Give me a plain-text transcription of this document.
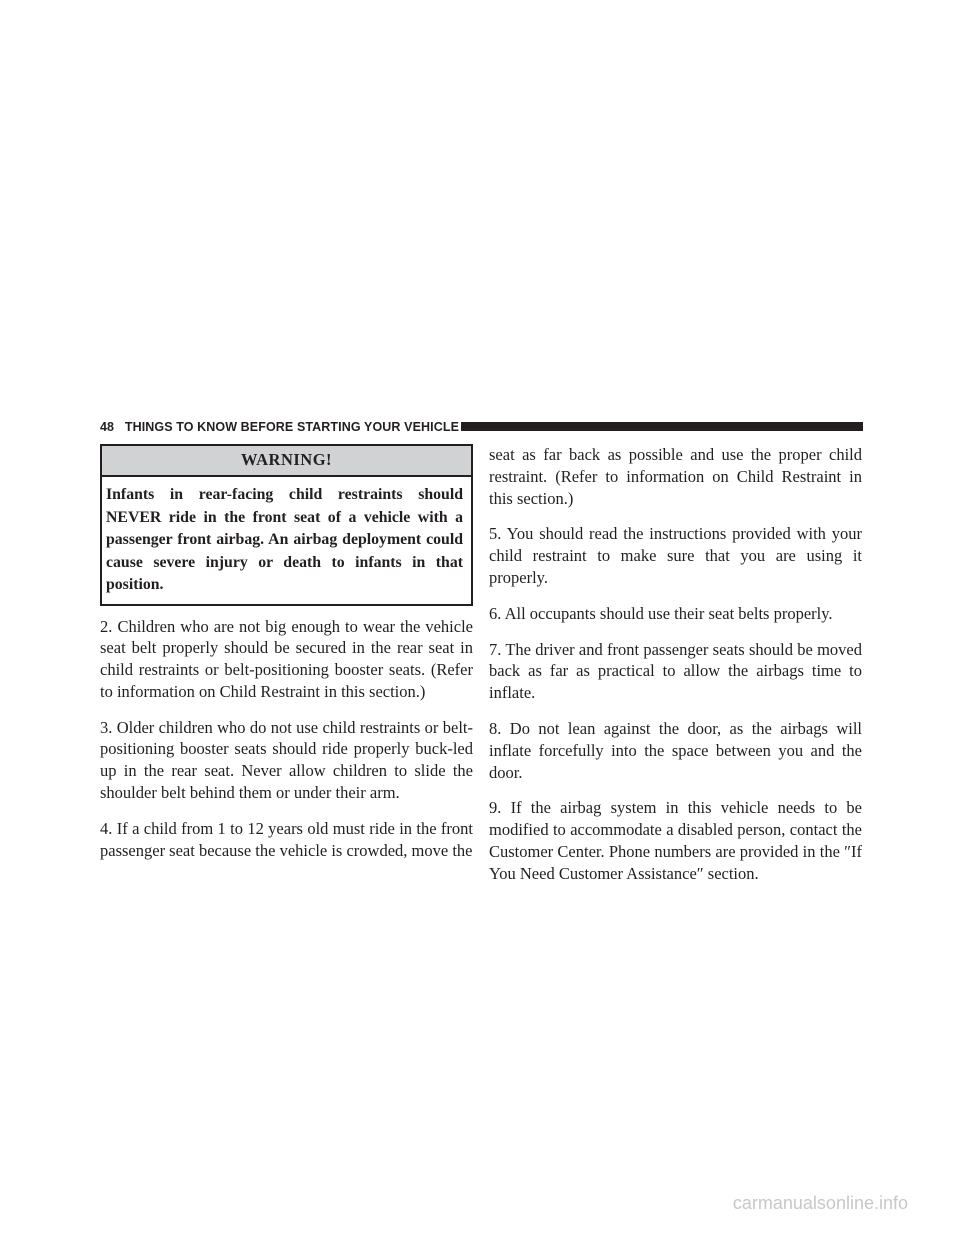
48 THINGS TO KNOW BEFORE STARTING YOUR VEHICLE
WARNING!
Infants in rear-facing child restraints should NEVER ride in the front seat of a vehicle with a passenger front airbag. An airbag deployment could cause severe injury or death to infants in that position.

2. Children who are not big enough to wear the vehicle seat belt properly should be secured in the rear seat in child restraints or belt-positioning booster seats. (Refer to information on Child Restraint in this section.)

3. Older children who do not use child restraints or belt-positioning booster seats should ride properly buck-led up in the rear seat. Never allow children to slide the shoulder belt behind them or under their arm.

4. If a child from 1 to 12 years old must ride in the front passenger seat because the vehicle is crowded, move the

seat as far back as possible and use the proper child restraint. (Refer to information on Child Restraint in this section.)

5. You should read the instructions provided with your child restraint to make sure that you are using it properly.

6. All occupants should use their seat belts properly.

7. The driver and front passenger seats should be moved back as far as practical to allow the airbags time to inflate.

8. Do not lean against the door, as the airbags will inflate forcefully into the space between you and the door.

9. If the airbag system in this vehicle needs to be modified to accommodate a disabled person, contact the Customer Center. Phone numbers are provided in the ″If You Need Customer Assistance″ section.

carmanualsonline.info
